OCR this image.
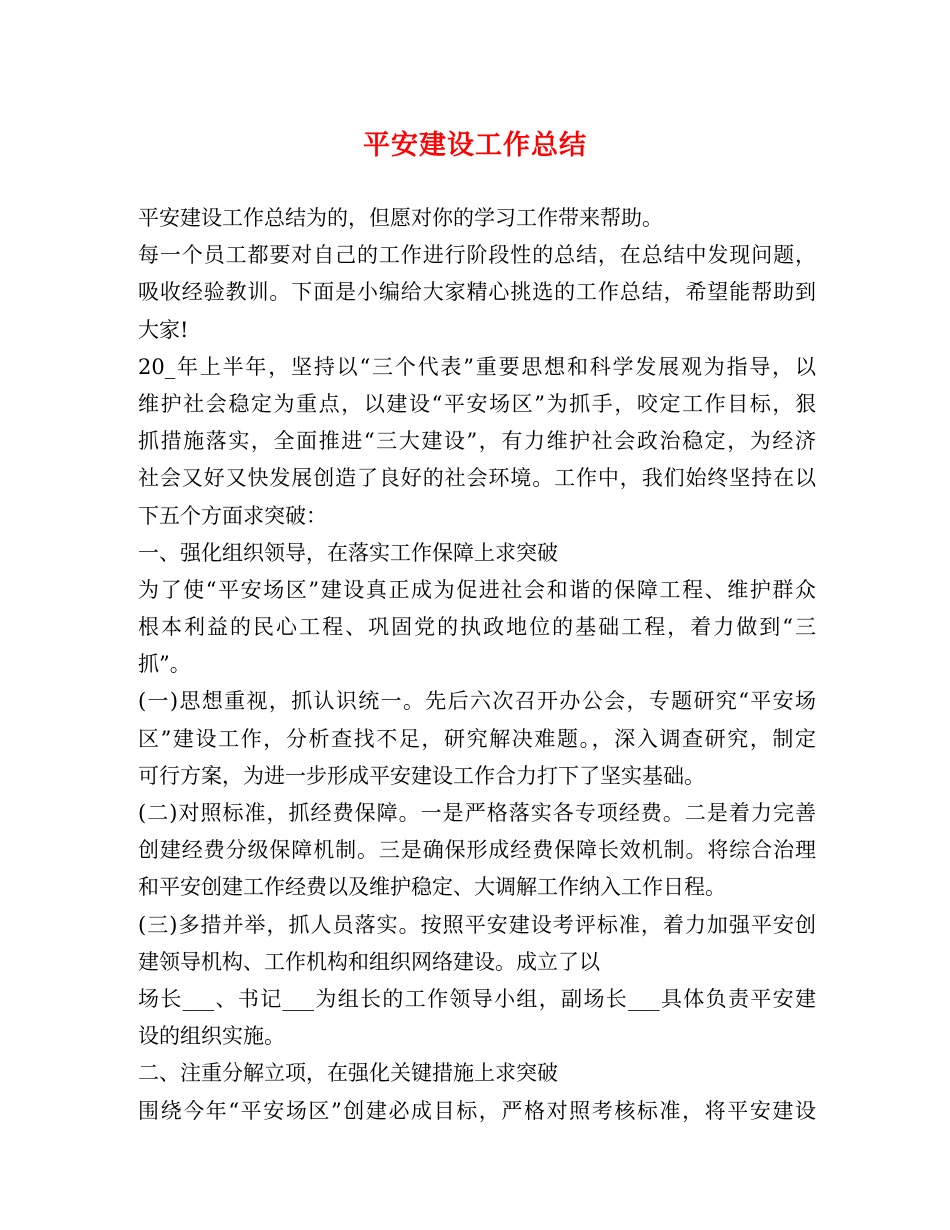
平安建设工作总结
平安建设工作总结为的，但愿对你的学习工作带来帮助。
每一个员工都要对自己的工作进行阶段性的总结，在总结中发现问题，
吸收经验教训。下面是小编给大家精心挑选的工作总结，希望能帮助到
大家!
20_年上半年，坚持以“三个代表”重要思想和科学发展观为指导，以
维护社会稳定为重点，以建设“平安场区”为抓手，咬定工作目标，狠
抓措施落实，全面推进“三大建设”，有力维护社会政治稳定，为经济
社会又好又快发展创造了良好的社会环境。工作中，我们始终坚持在以
下五个方面求突破：
一、强化组织领导，在落实工作保障上求突破
为了使“平安场区”建设真正成为促进社会和谐的保障工程、维护群众
根本利益的民心工程、巩固党的执政地位的基础工程，着力做到“三
抓”。
(一)思想重视，抓认识统一。先后六次召开办公会，专题研究“平安场
区”建设工作，分析查找不足，研究解决难题。，深入调查研究，制定
可行方案，为进一步形成平安建设工作合力打下了坚实基础。
(二)对照标准，抓经费保障。一是严格落实各专项经费。二是着力完善
创建经费分级保障机制。三是确保形成经费保障长效机制。将综合治理
和平安创建工作经费以及维护稳定、大调解工作纳入工作日程。
(三)多措并举，抓人员落实。按照平安建设考评标准，着力加强平安创
建领导机构、工作机构和组织网络建设。成立了以
场长___、书记___为组长的工作领导小组，副场长___具体负责平安建
设的组织实施。
二、注重分解立项，在强化关键措施上求突破
围绕今年“平安场区”创建必成目标，严格对照考核标准，将平安建设
